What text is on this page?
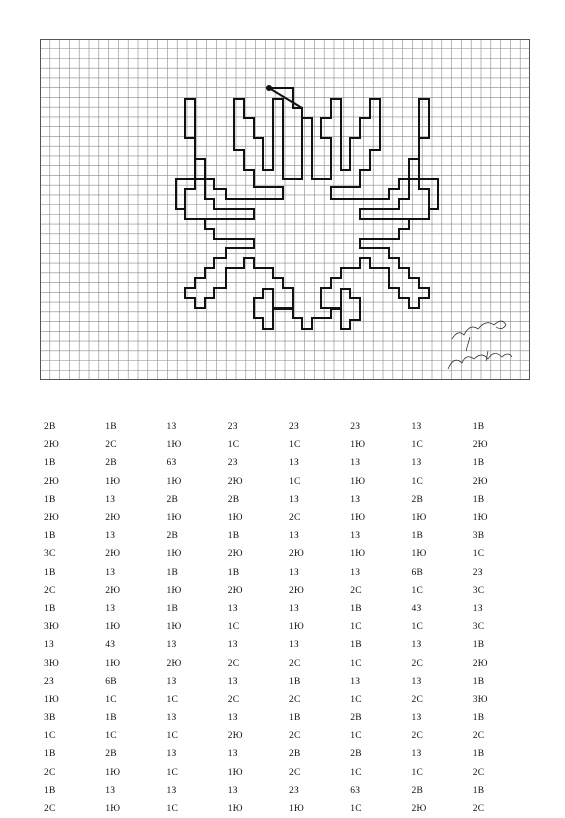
2В	1В	1З	2З	2З	2З	1З	1В
2Ю	2С	1Ю	1С	1С	1Ю	1С	2Ю
1В	2В	6З	2З	1З	1З	1З	1В
2Ю	1Ю	1Ю	2Ю	1С	1Ю	1С	2Ю
1В	1З	2В	2В	1З	1З	2В	1В
2Ю	2Ю	1Ю	1Ю	2С	1Ю	1Ю	1Ю
1В	1З	2В	1В	1З	1З	1В	3В
3С	2Ю	1Ю	2Ю	2Ю	1Ю	1Ю	1С
1В	1З	1В	1В	1З	1З	6В	2З
2С	2Ю	1Ю	2Ю	2Ю	2С	1С	3С
1В	1З	1В	1З	1З	1В	4З	1З
3Ю	1Ю	1Ю	1С	1Ю	1С	1С	3С
1З	4З	1З	1З	1З	1В	1З	1В
3Ю	1Ю	2Ю	2С	2С	1С	2С	2Ю
2З	6В	1З	1З	1В	1З	1З	1В
1Ю	1С	1С	2С	2С	1С	2С	3Ю
3В	1В	1З	1З	1В	2В	1З	1В
1С	1С	1С	2Ю	2С	1С	2С	2С
1В	2В	1З	1З	2В	2В	1З	1В
2С	1Ю	1С	1Ю	2С	1С	1С	2С
1В	1З	1З	1З	2З	6З	2В	1В
2С	1Ю	1С	1Ю	1Ю	1С	2Ю	2С
